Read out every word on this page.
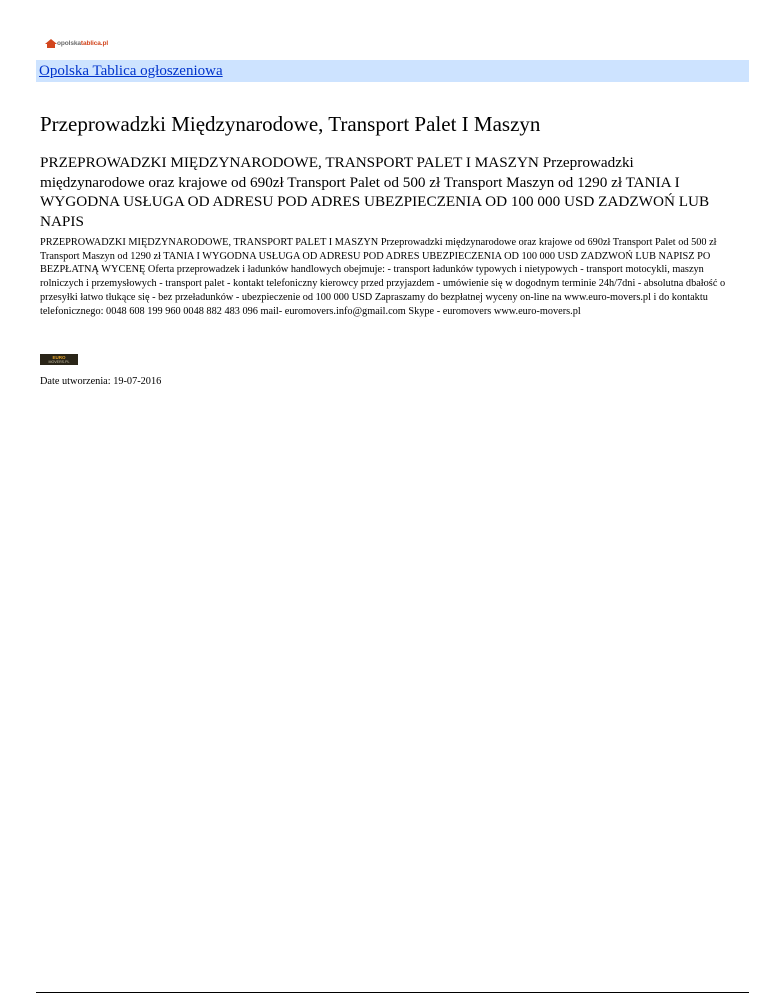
opolskatablica.pl
Opolska Tablica ogłoszeniowa
Przeprowadzki Międzynarodowe, Transport Palet I Maszyn

PRZEPROWADZKI MIĘDZYNARODOWE, TRANSPORT PALET I MASZYN Przeprowadzki międzynarodowe oraz krajowe od 690zł Transport Palet od 500 zł Transport Maszyn od 1290 zł TANIA I WYGODNA USŁUGA OD ADRESU POD ADRES UBEZPIECZENIA OD 100 000 USD ZADZWOŃ LUB NAPIS

PRZEPROWADZKI MIĘDZYNARODOWE, TRANSPORT PALET I MASZYN Przeprowadzki międzynarodowe oraz krajowe od 690zł Transport Palet od 500 zł Transport Maszyn od 1290 zł TANIA I WYGODNA USŁUGA OD ADRESU POD ADRES UBEZPIECZENIA OD 100 000 USD ZADZWOŃ LUB NAPISZ PO BEZPŁATNĄ WYCENĘ Oferta przeprowadzek i ładunków handlowych obejmuje: - transport ładunków typowych i nietypowych - transport motocykli, maszyn rolniczych i przemysłowych - transport palet - kontakt telefoniczny kierowcy przed przyjazdem - umówienie się w dogodnym terminie 24h/7dni - absolutna dbałość o przesyłki łatwo tłukące się - bez przeładunków - ubezpieczenie od 100 000 USD Zapraszamy do bezpłatnej wyceny on-line na www.euro-movers.pl i do kontaktu telefonicznego: 0048 608 199 960 0048 882 483 096 mail- euromovers.info@gmail.com Skype - euromovers www.euro-movers.pl

EURO
MOVERS.PL

Date utworzenia: 19-07-2016
